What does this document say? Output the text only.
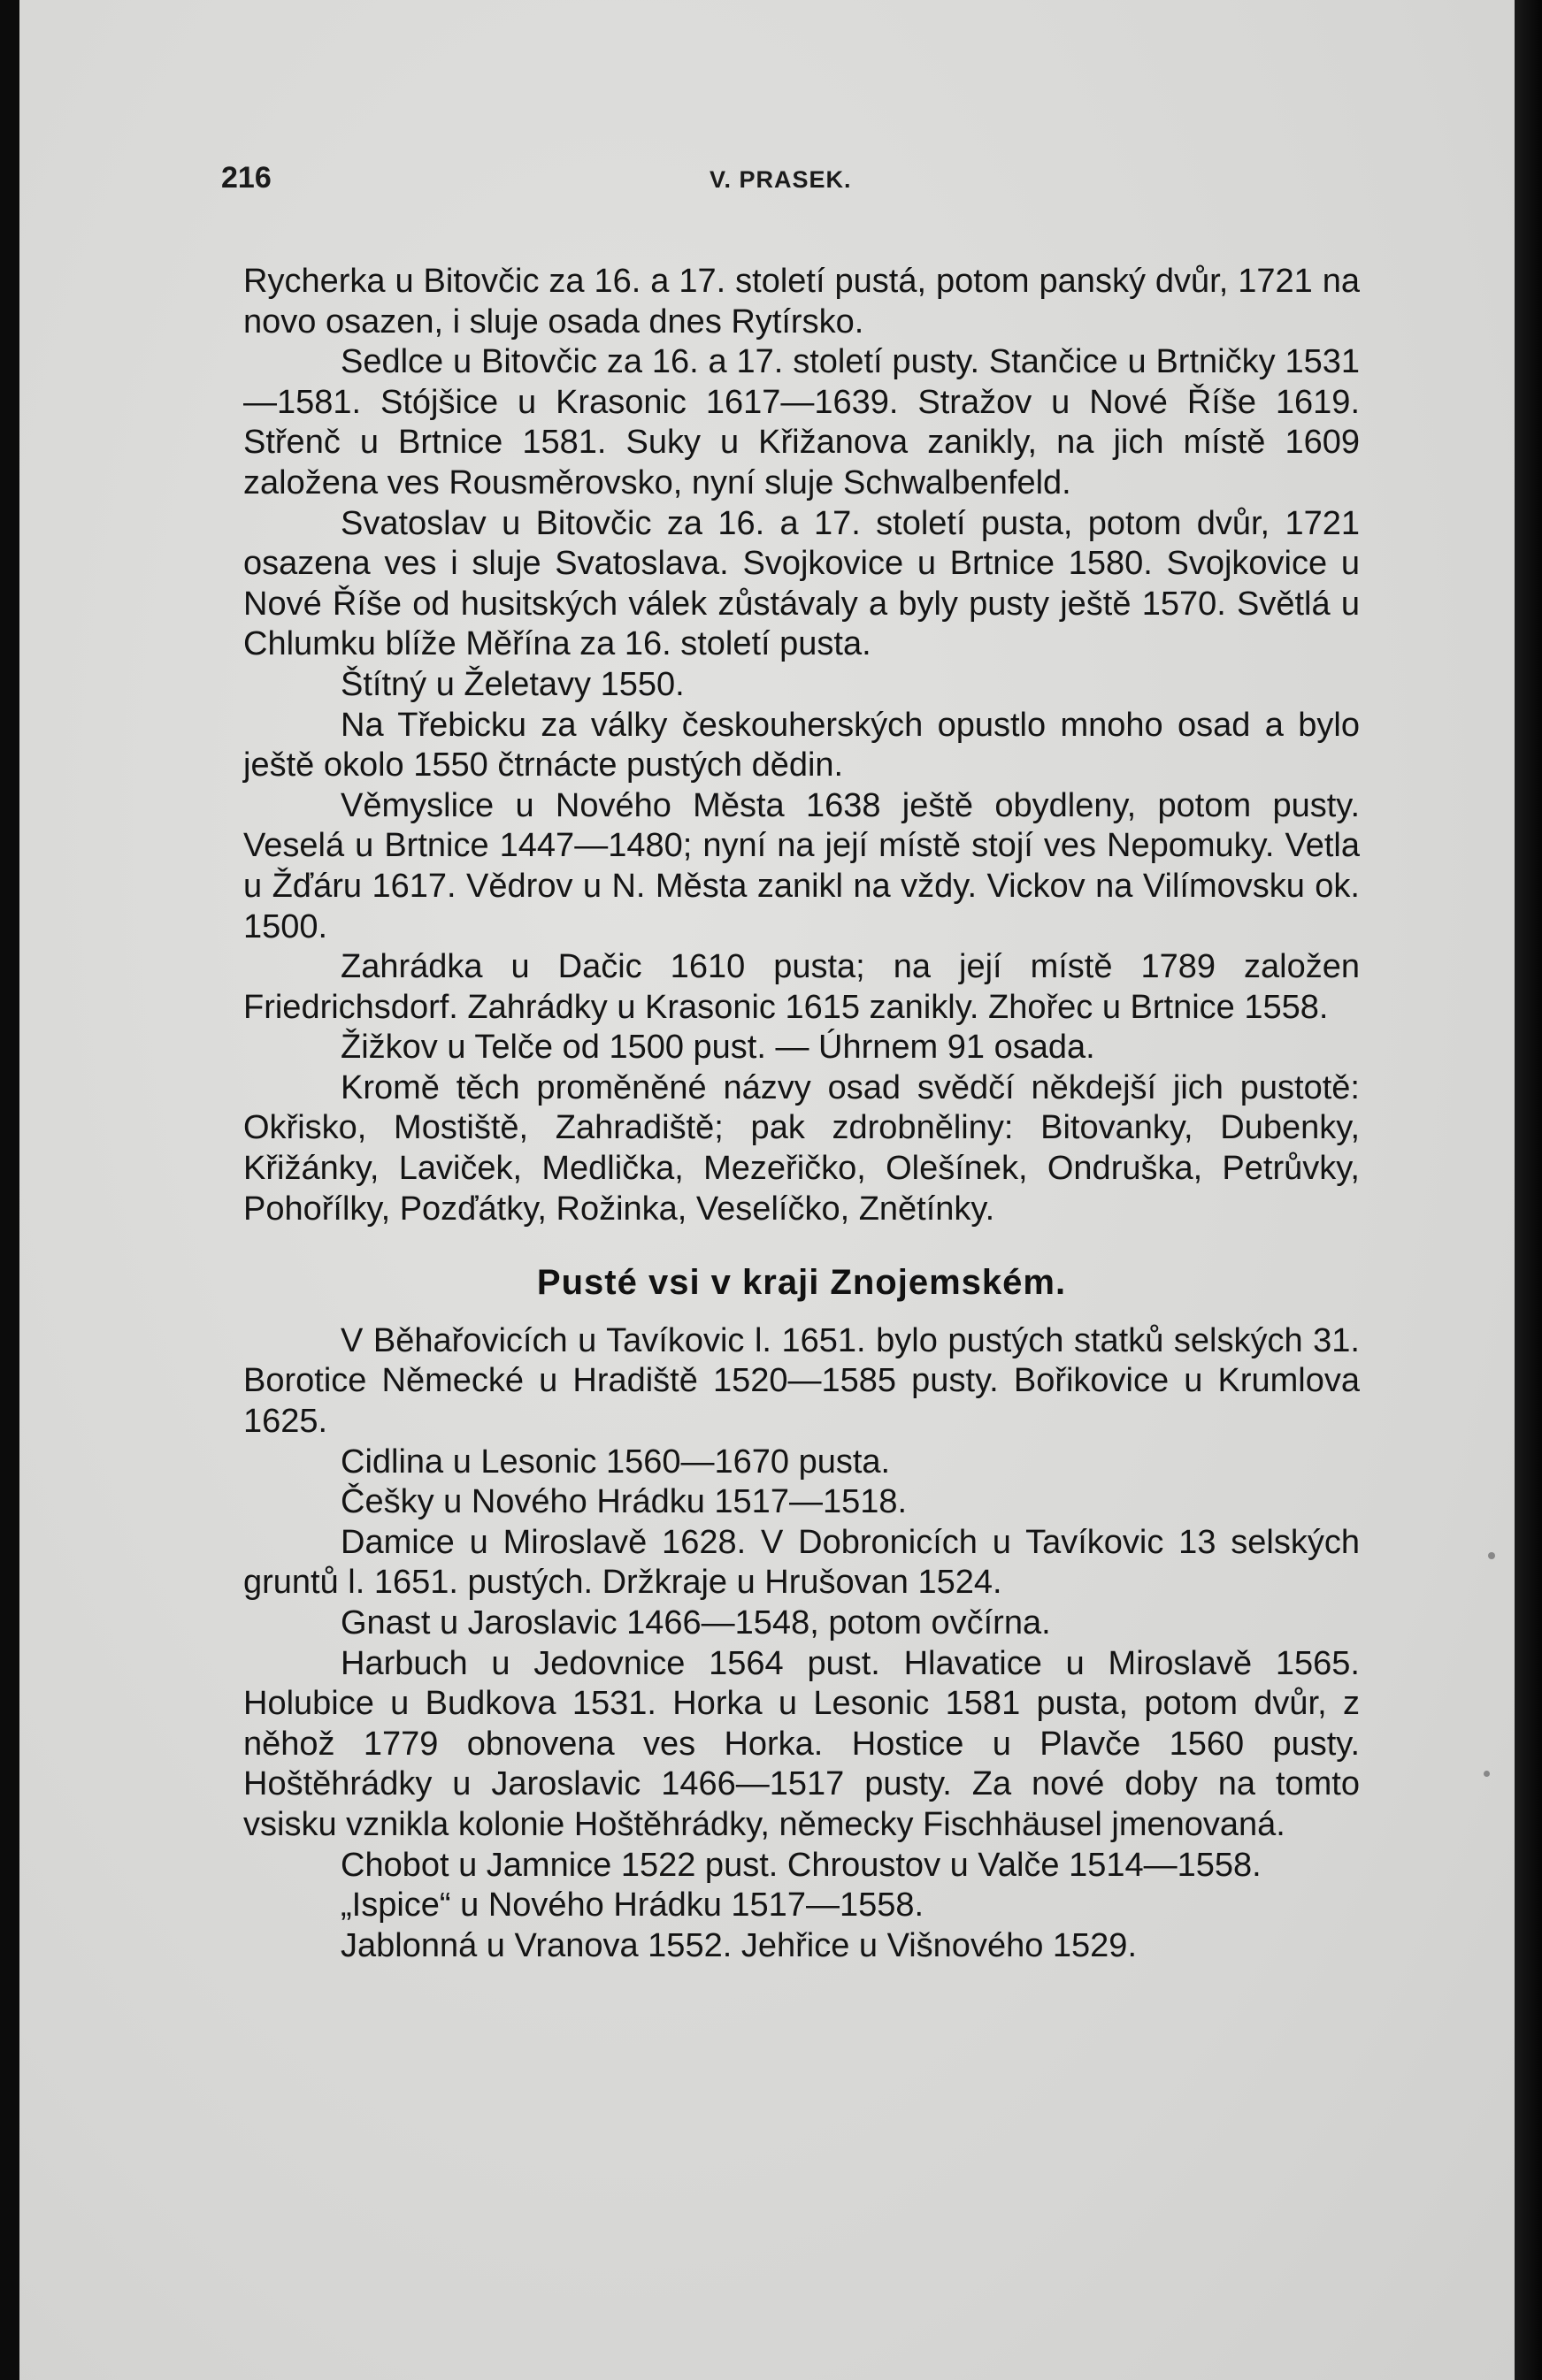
216	V. PRASEK.

Rycherka u Bitovčic za 16. a 17. století pustá, potom panský dvůr, 1721 na novo osazen, i sluje osada dnes Rytírsko.

Sedlce u Bitovčic za 16. a 17. století pusty. Stančice u Brtničky 1531—1581. Stójšice u Krasonic 1617—1639. Stražov u Nové Říše 1619. Střenč u Brtnice 1581. Suky u Křižanova zanikly, na jich místě 1609 založena ves Rousměrovsko, nyní sluje Schwalbenfeld.

Svatoslav u Bitovčic za 16. a 17. století pusta, potom dvůr, 1721 osazena ves i sluje Svatoslava. Svojkovice u Brtnice 1580. Svojkovice u Nové Říše od husitských válek zůstávaly a byly pusty ještě 1570. Světlá u Chlumku blíže Měřína za 16. století pusta.

Štítný u Želetavy 1550.

Na Třebicku za války českouherských opustlo mnoho osad a bylo ještě okolo 1550 čtrnácte pustých dědin.

Věmyslice u Nového Města 1638 ještě obydleny, potom pusty. Veselá u Brtnice 1447—1480; nyní na její místě stojí ves Nepomuky. Vetla u Žďáru 1617. Vědrov u N. Města zanikl na vždy. Vickov na Vilímovsku ok. 1500.

Zahrádka u Dačic 1610 pusta; na její místě 1789 založen Friedrichsdorf. Zahrádky u Krasonic 1615 zanikly. Zhořec u Brtnice 1558.

Žižkov u Telče od 1500 pust. — Úhrnem 91 osada.

Kromě těch proměněné názvy osad svědčí někdejší jich pustotě: Okřisko, Mostiště, Zahradiště; pak zdrobněliny: Bitovanky, Dubenky, Křižánky, Laviček, Medlička, Mezeřičko, Olešínek, Ondruška, Petrůvky, Pohořílky, Pozďátky, Rožinka, Veselíčko, Znětínky.

Pusté vsi v kraji Znojemském.

V Běhařovicích u Tavíkovic l. 1651. bylo pustých statků selských 31. Borotice Německé u Hradiště 1520—1585 pusty. Bořikovice u Krumlova 1625.

Cidlina u Lesonic 1560—1670 pusta.

Češky u Nového Hrádku 1517—1518.

Damice u Miroslavě 1628. V Dobronicích u Tavíkovic 13 selských gruntů l. 1651. pustých. Držkraje u Hrušovan 1524.

Gnast u Jaroslavic 1466—1548, potom ovčírna.

Harbuch u Jedovnice 1564 pust. Hlavatice u Miroslavě 1565. Holubice u Budkova 1531. Horka u Lesonic 1581 pusta, potom dvůr, z něhož 1779 obnovena ves Horka. Hostice u Plavče 1560 pusty. Hoštěhrádky u Jaroslavic 1466—1517 pusty. Za nové doby na tomto vsisku vznikla kolonie Hoštěhrádky, německy Fischhäusel jmenovaná.

Chobot u Jamnice 1522 pust. Chroustov u Valče 1514—1558.

„Ispice“ u Nového Hrádku 1517—1558.

Jablonná u Vranova 1552. Jehřice u Višnového 1529.
